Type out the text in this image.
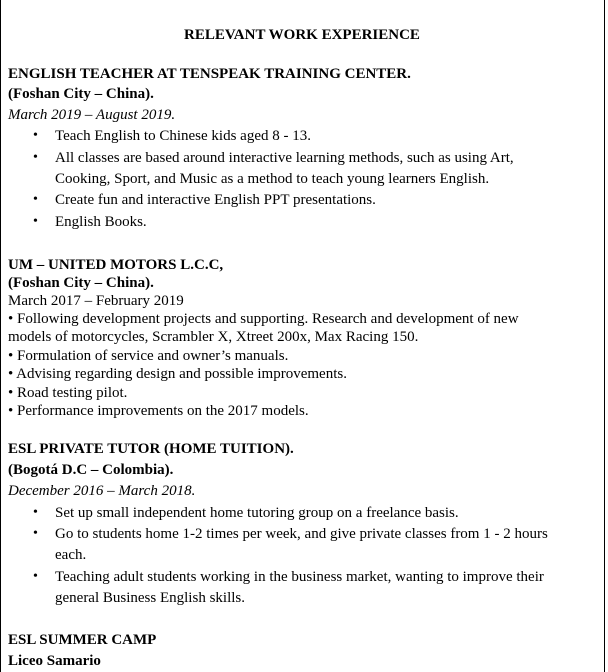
RELEVANT WORK EXPERIENCE
ENGLISH TEACHER AT TENSPEAK TRAINING CENTER.
(Foshan City – China).
March 2019 – August 2019.
• Teach English to Chinese kids aged 8 - 13.
• All classes are based around interactive learning methods, such as using Art,
Cooking, Sport, and Music as a method to teach young learners English.
• Create fun and interactive English PPT presentations.
• English Books.
UM – UNITED MOTORS L.C.C,
(Foshan City – China).
March 2017 – February 2019
• Following development projects and supporting. Research and development of new
models of motorcycles, Scrambler X, Xtreet 200x, Max Racing 150.
• Formulation of service and owner’s manuals.
• Advising regarding design and possible improvements.
• Road testing pilot.
• Performance improvements on the 2017 models.
ESL PRIVATE TUTOR (HOME TUITION).
(Bogotá D.C – Colombia).
December 2016 – March 2018.
• Set up small independent home tutoring group on a freelance basis.
• Go to students home 1-2 times per week, and give private classes from 1 - 2 hours
each.
• Teaching adult students working in the business market, wanting to improve their
general Business English skills.
ESL SUMMER CAMP
Liceo Samario
